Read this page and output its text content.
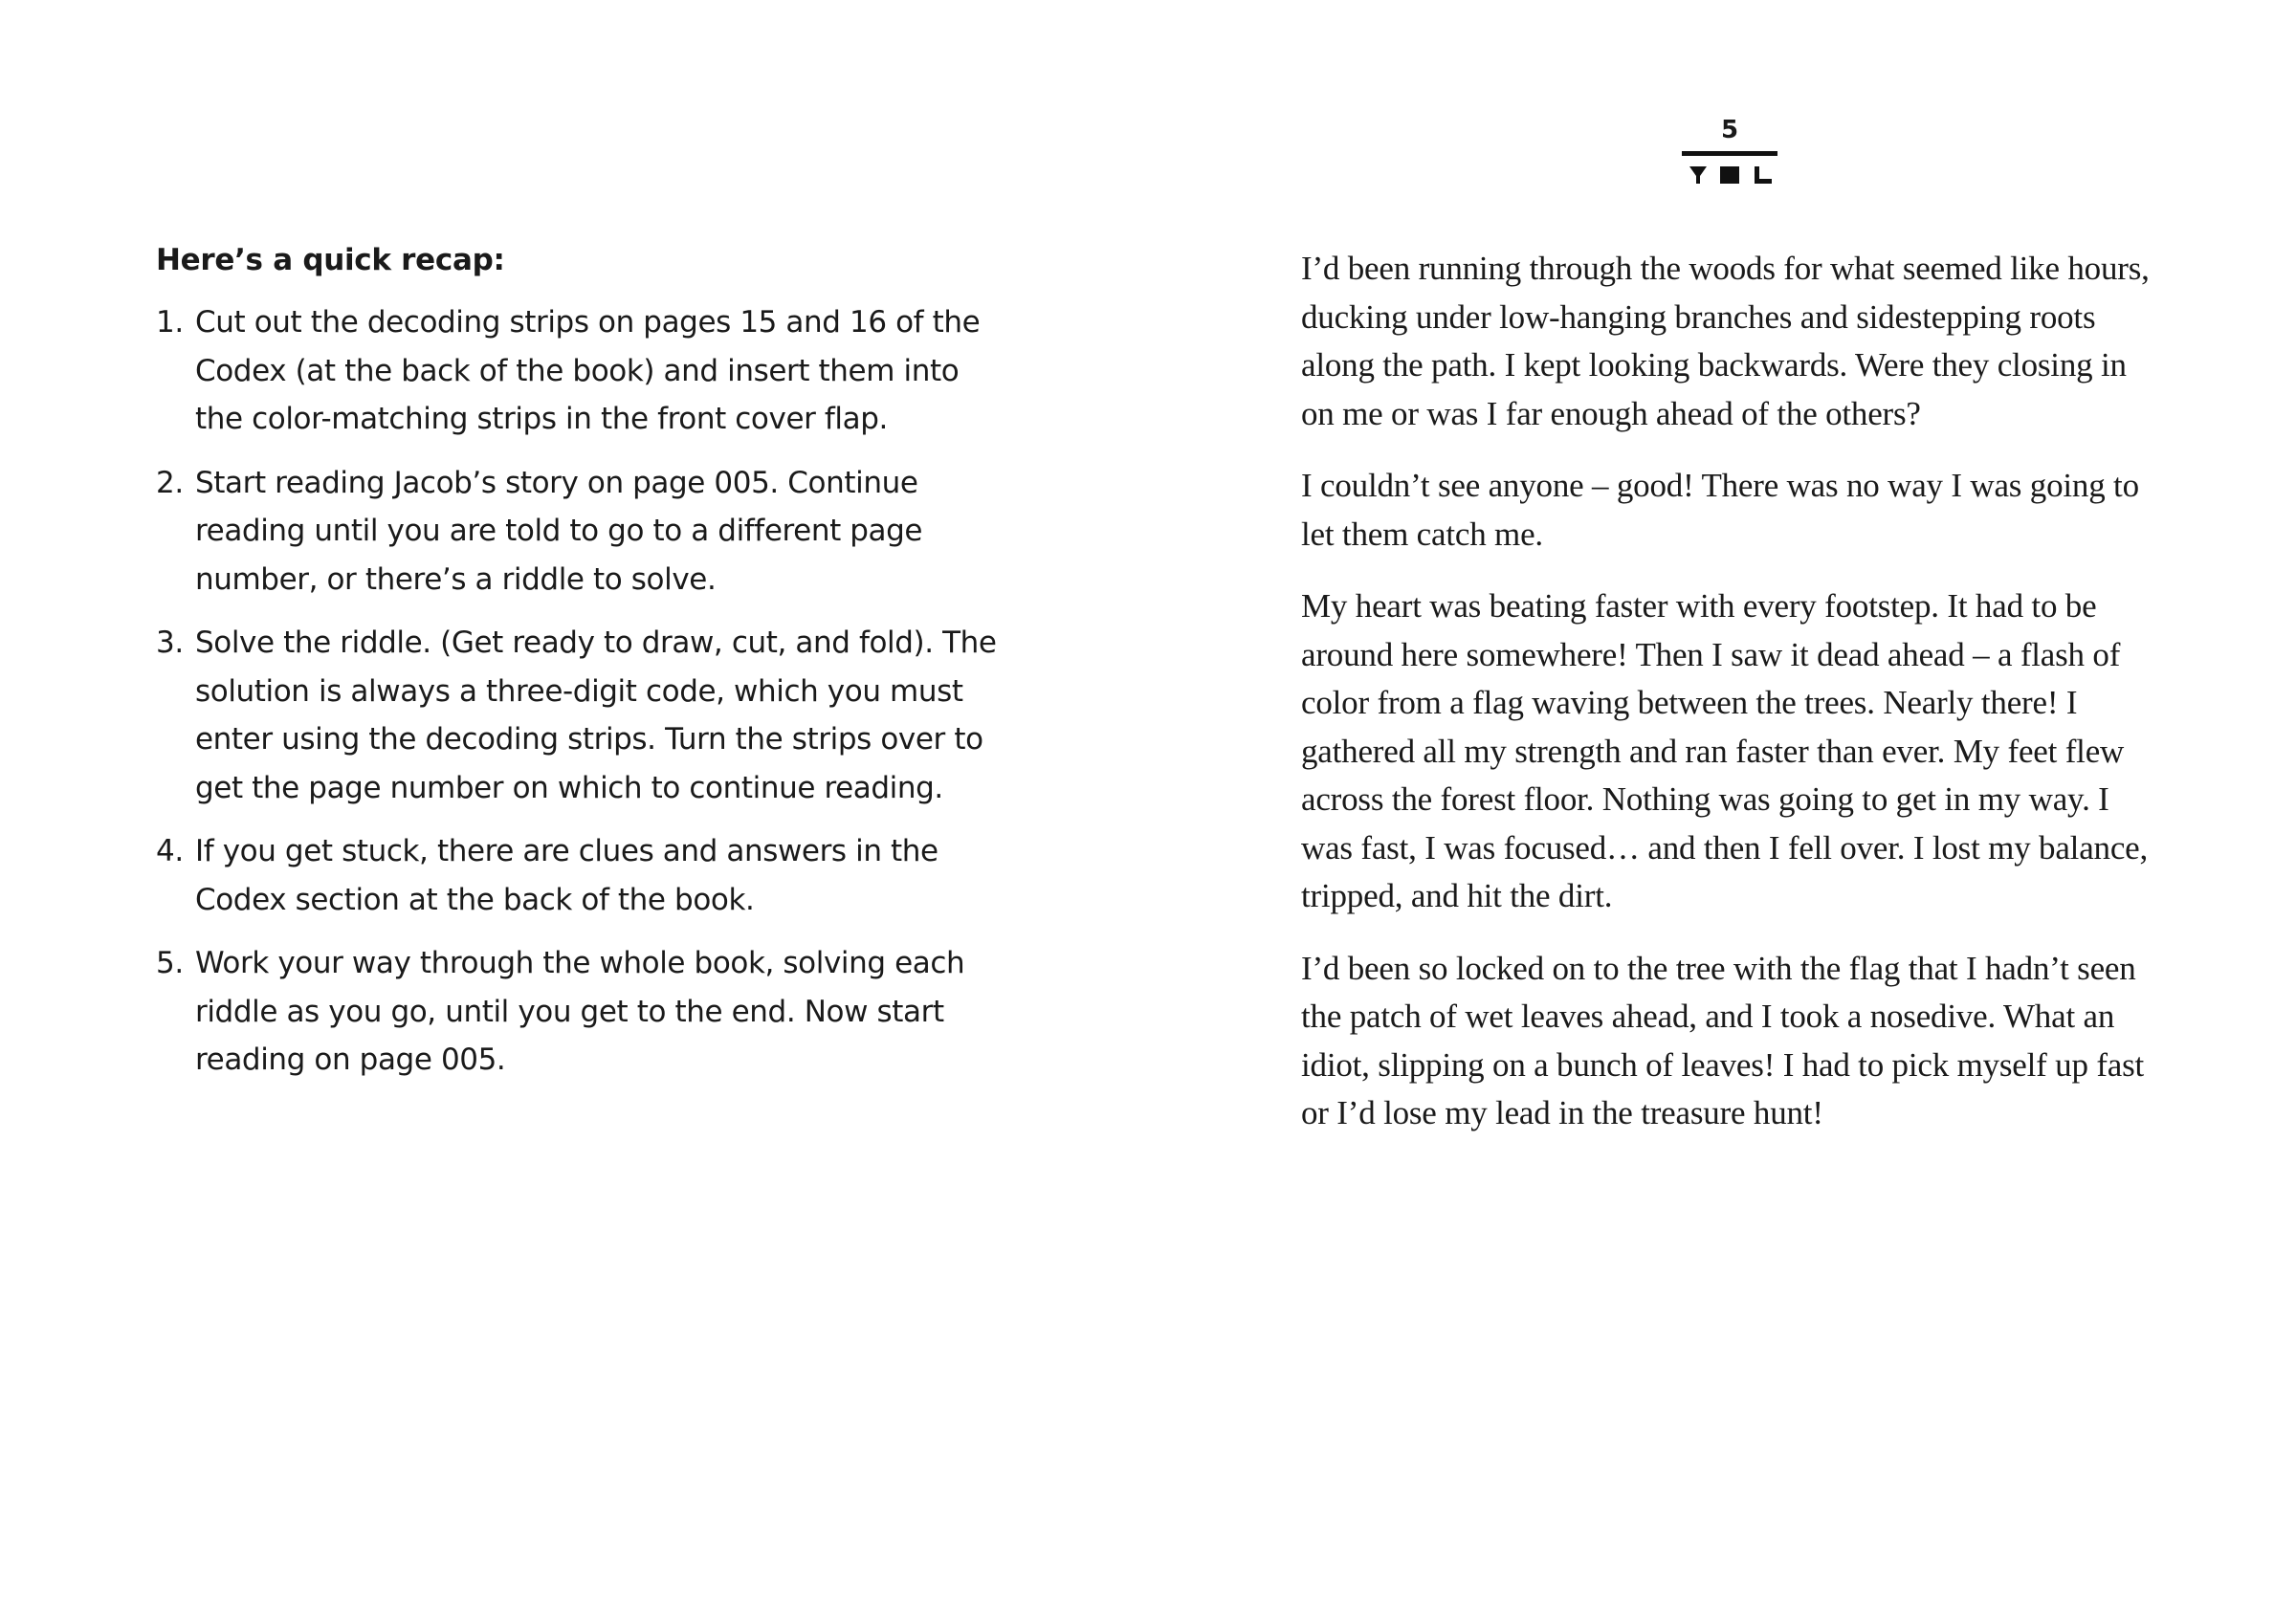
Here’s a quick recap:
1. Cut out the decoding strips on pages 15 and 16 of the Codex (at the back of the book) and insert them into the color-matching strips in the front cover flap.
2. Start reading Jacob’s story on page 005. Continue reading until you are told to go to a different page number, or there’s a riddle to solve.
3. Solve the riddle. (Get ready to draw, cut, and fold). The solution is always a three-digit code, which you must enter using the decoding strips. Turn the strips over to get the page number on which to continue reading.
4. If you get stuck, there are clues and answers in the Codex section at the back of the book.
5. Work your way through the whole book, solving each riddle as you go, until you get to the end. Now start reading on page 005.
5

I’d been running through the woods for what seemed like hours, ducking under low-hanging branches and sidestepping roots along the path. I kept looking backwards. Were they closing in on me or was I far enough ahead of the others?

I couldn’t see anyone – good! There was no way I was going to let them catch me.

My heart was beating faster with every footstep. It had to be around here somewhere! Then I saw it dead ahead – a flash of color from a flag waving between the trees. Nearly there! I gathered all my strength and ran faster than ever. My feet flew across the forest floor. Nothing was going to get in my way. I was fast, I was focused… and then I fell over. I lost my balance, tripped, and hit the dirt.

I’d been so locked on to the tree with the flag that I hadn’t seen the patch of wet leaves ahead, and I took a nosedive. What an idiot, slipping on a bunch of leaves! I had to pick myself up fast or I’d lose my lead in the treasure hunt!
